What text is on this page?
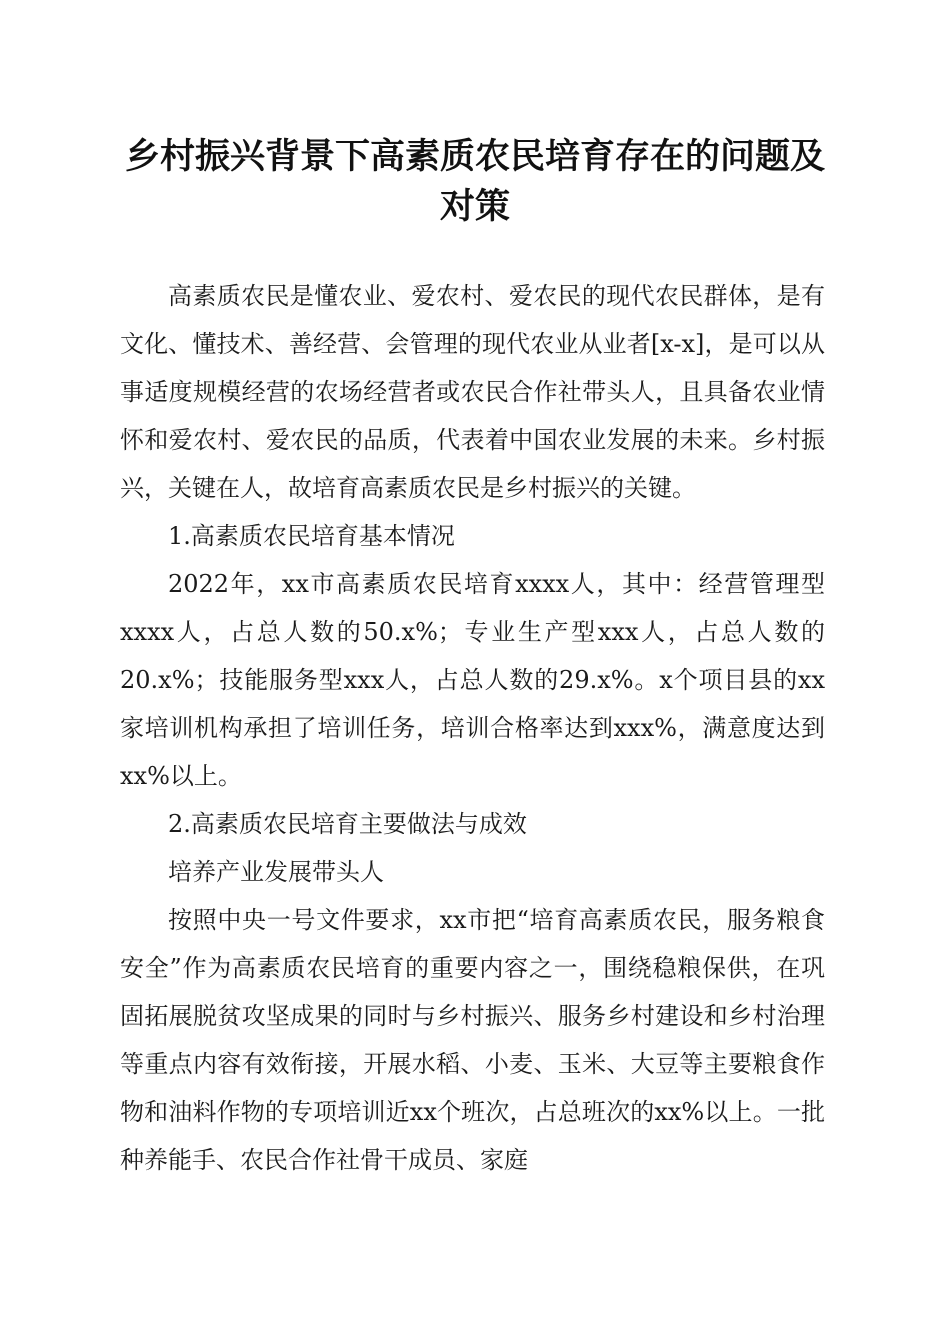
乡村振兴背景下高素质农民培育存在的问题及对策

高素质农民是懂农业、爱农村、爱农民的现代农民群体，是有文化、懂技术、善经营、会管理的现代农业从业者[x-x]，是可以从事适度规模经营的农场经营者或农民合作社带头人，且具备农业情怀和爱农村、爱农民的品质，代表着中国农业发展的未来。乡村振兴，关键在人，故培育高素质农民是乡村振兴的关键。

1.高素质农民培育基本情况

2022年，xx市高素质农民培育xxxx人，其中：经营管理型xxxx人，占总人数的50.x%；专业生产型xxx人，占总人数的20.x%；技能服务型xxx人，占总人数的29.x%。x个项目县的xx家培训机构承担了培训任务，培训合格率达到xxx%，满意度达到xx%以上。

2.高素质农民培育主要做法与成效

培养产业发展带头人

按照中央一号文件要求，xx市把“培育高素质农民，服务粮食安全”作为高素质农民培育的重要内容之一，围绕稳粮保供，在巩固拓展脱贫攻坚成果的同时与乡村振兴、服务乡村建设和乡村治理等重点内容有效衔接，开展水稻、小麦、玉米、大豆等主要粮食作物和油料作物的专项培训近xx个班次，占总班次的xx%以上。一批种养能手、农民合作社骨干成员、家庭
